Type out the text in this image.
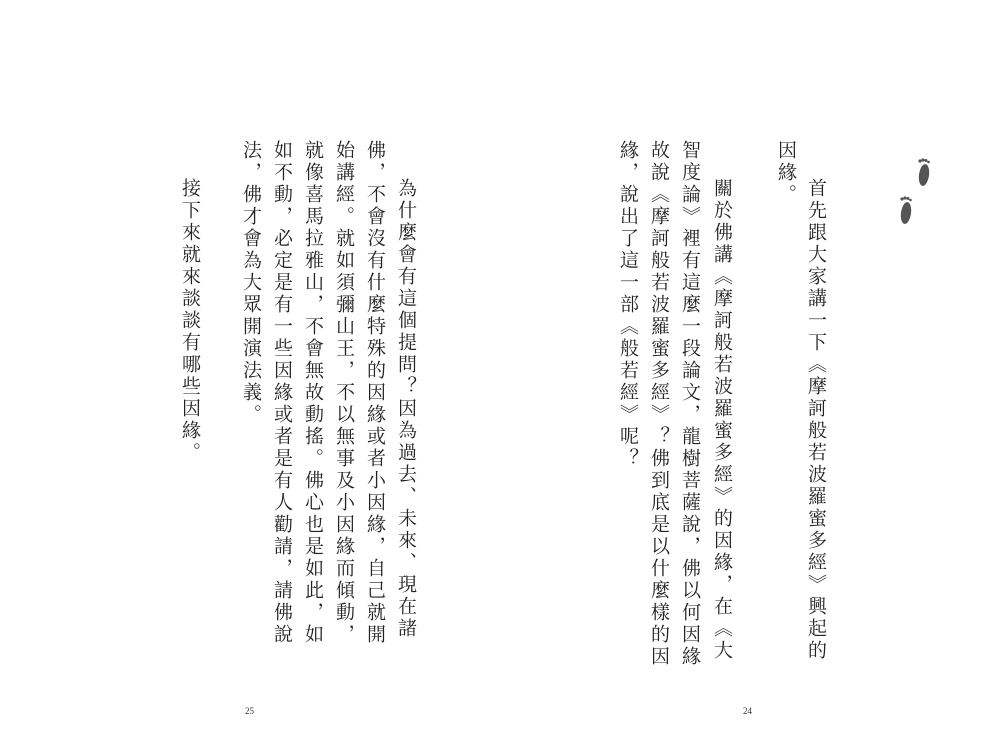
首先跟大家講一下《摩訶般若波羅蜜多經》興起的
因緣。
關於佛講《摩訶般若波羅蜜多經》的因緣，在《大
智度論》裡有這麼一段論文，龍樹菩薩說，佛以何因緣
故說《摩訶般若波羅蜜多經》？佛到底是以什麼樣的因
緣，說出了這一部《般若經》呢？
24
為什麼會有這個提問？因為過去、未來、現在諸
佛，不會沒有什麼特殊的因緣或者小因緣，自己就開
始講經。就如須彌山王，不以無事及小因緣而傾動，
就像喜馬拉雅山，不會無故動搖。佛心也是如此，如
如不動，必定是有一些因緣或者是有人勸請，請佛說
法，佛才會為大眾開演法義。
接下來就來談談有哪些因緣。
25
